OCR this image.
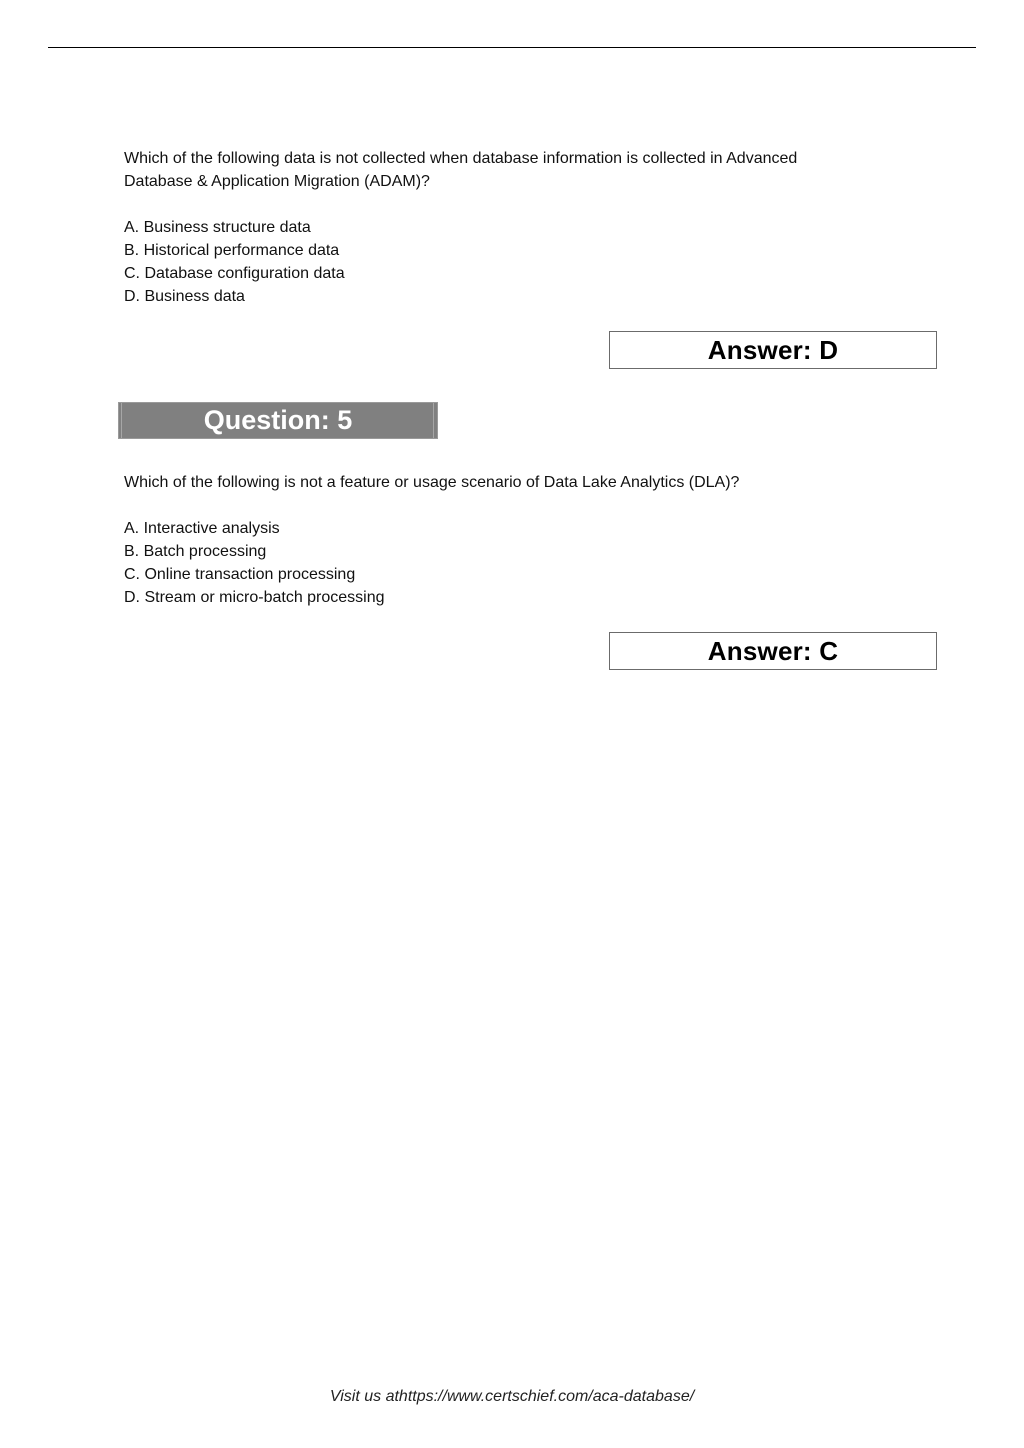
Which of the following data is not collected when database information is collected in Advanced
Database & Application Migration (ADAM)?
A. Business structure data
B. Historical performance data
C. Database configuration data
D. Business data
Answer: D
Question: 5
Which of the following is not a feature or usage scenario of Data Lake Analytics (DLA)?
A. Interactive analysis
B. Batch processing
C. Online transaction processing
D. Stream or micro-batch processing
Answer: C
Visit us athttps://www.certschief.com/aca-database/
